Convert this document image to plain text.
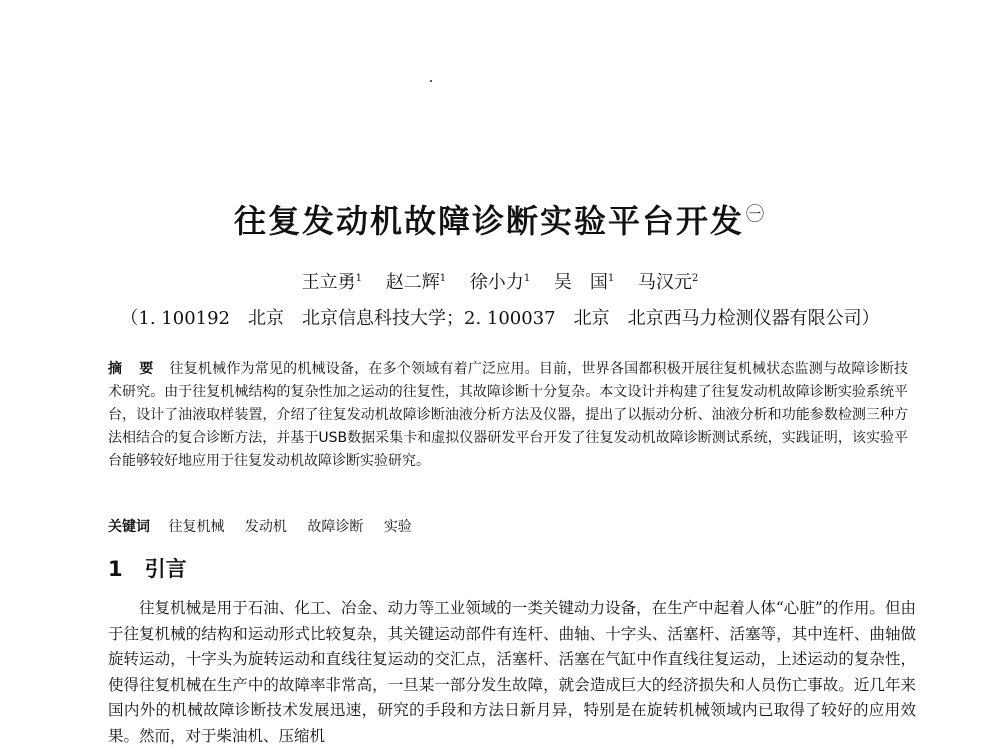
往复发动机故障诊断实验平台开发 $^㊀$
王立勇$^1$ 赵二辉$^1$ 徐小力$^1$ 吴　国$^1$ 马汉元$^2$
（1. 100192　北京　北京信息科技大学；2. 100037　北京　北京西马力检测仪器有限公司）
摘 要 往复机械作为常见的机械设备，在多个领域有着广泛应用。目前，世界各国都积极开展往复机械状态监测与故障诊断技术研究。由于往复机械结构的复杂性加之运动的往复性，其故障诊断十分复杂。本文设计并构建了往复发动机故障诊断实验系统平台，设计了油液取样装置，介绍了往复发动机故障诊断油液分析方法及仪器，提出了以振动分析、油液分析和功能参数检测三种方法相结合的复合诊断方法，并基于USB数据采集卡和虚拟仪器研发平台开发了往复发动机故障诊断测试系统，实践证明，该实验平台能够较好地应用于往复发动机故障诊断实验研究。
关键词 往复机械 发动机 故障诊断 实验
1 引言
往复机械是用于石油、化工、冶金、动力等工业领域的一类关键动力设备，在生产中起着人体“心脏”的作用。但由于往复机械的结构和运动形式比较复杂，其关键运动部件有连杆、曲轴、十字头、活塞杆、活塞等，其中连杆、曲轴做旋转运动，十字头为旋转运动和直线往复运动的交汇点，活塞杆、活塞在气缸中作直线往复运动，上述运动的复杂性，使得往复机械在生产中的故障率非常高，一旦某一部分发生故障，就会造成巨大的经济损失和人员伤亡事故。近几年来国内外的机械故障诊断技术发展迅速，研究的手段和方法日新月异，特别是在旋转机械领域内已取得了较好的应用效果。然而，对于柴油机、压缩机
